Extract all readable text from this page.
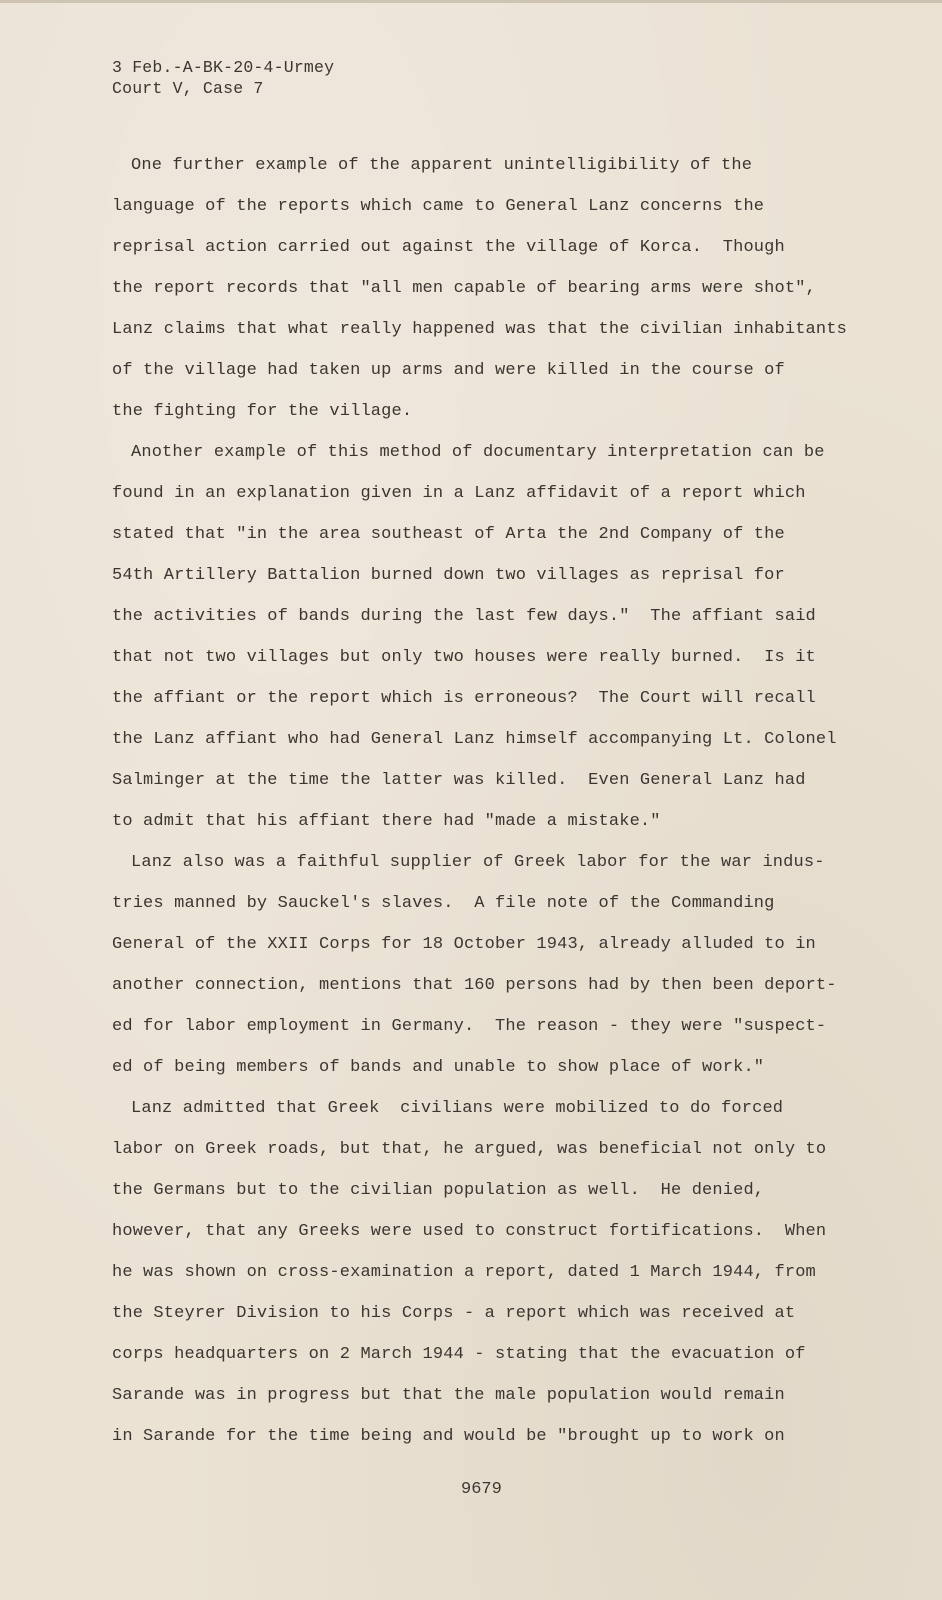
3 Feb.-A-BK-20-4-Urmey
Court V, Case 7
One further example of the apparent unintelligibility of the
language of the reports which came to General Lanz concerns the
reprisal action carried out against the village of Korca.  Though
the report records that "all men capable of bearing arms were shot",
Lanz claims that what really happened was that the civilian inhabitants
of the village had taken up arms and were killed in the course of
the fighting for the village.
Another example of this method of documentary interpretation can be
found in an explanation given in a Lanz affidavit of a report which
stated that "in the area southeast of Arta the 2nd Company of the
54th Artillery Battalion burned down two villages as reprisal for
the activities of bands during the last few days."  The affiant said
that not two villages but only two houses were really burned.  Is it
the affiant or the report which is erroneous?  The Court will recall
the Lanz affiant who had General Lanz himself accompanying Lt. Colonel
Salminger at the time the latter was killed.  Even General Lanz had
to admit that his affiant there had "made a mistake."
Lanz also was a faithful supplier of Greek labor for the war indus-
tries manned by Sauckel's slaves.  A file note of the Commanding
General of the XXII Corps for 18 October 1943, already alluded to in
another connection, mentions that 160 persons had by then been deport-
ed for labor employment in Germany.  The reason - they were "suspect-
ed of being members of bands and unable to show place of work."
Lanz admitted that Greek  civilians were mobilized to do forced
labor on Greek roads, but that, he argued, was beneficial not only to
the Germans but to the civilian population as well.  He denied,
however, that any Greeks were used to construct fortifications.  When
he was shown on cross-examination a report, dated 1 March 1944, from
the Steyrer Division to his Corps - a report which was received at
corps headquarters on 2 March 1944 - stating that the evacuation of
Sarande was in progress but that the male population would remain
in Sarande for the time being and would be "brought up to work on
9679
